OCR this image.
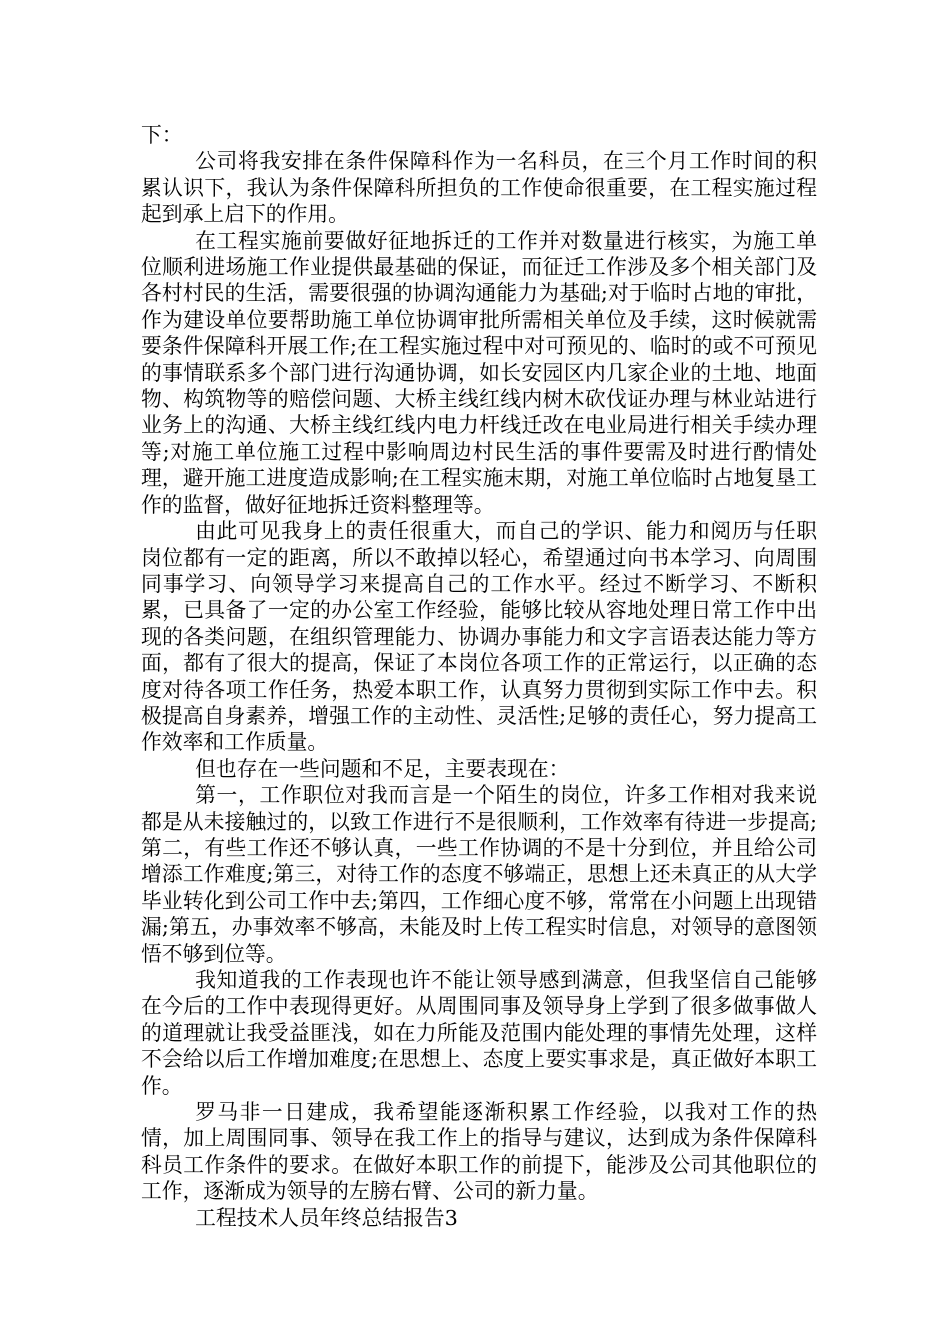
下：

公司将我安排在条件保障科作为一名科员，在三个月工作时间的积累认识下，我认为条件保障科所担负的工作使命很重要，在工程实施过程起到承上启下的作用。

在工程实施前要做好征地拆迁的工作并对数量进行核实，为施工单位顺利进场施工作业提供最基础的保证，而征迁工作涉及多个相关部门及各村村民的生活，需要很强的协调沟通能力为基础;对于临时占地的审批，作为建设单位要帮助施工单位协调审批所需相关单位及手续，这时候就需要条件保障科开展工作;在工程实施过程中对可预见的、临时的或不可预见的事情联系多个部门进行沟通协调，如长安园区内几家企业的土地、地面物、构筑物等的赔偿问题、大桥主线红线内树木砍伐证办理与林业站进行业务上的沟通、大桥主线红线内电力杆线迁改在电业局进行相关手续办理等;对施工单位施工过程中影响周边村民生活的事件要需及时进行酌情处理，避开施工进度造成影响;在工程实施末期，对施工单位临时占地复垦工作的监督，做好征地拆迁资料整理等。

由此可见我身上的责任很重大，而自己的学识、能力和阅历与任职岗位都有一定的距离，所以不敢掉以轻心，希望通过向书本学习、向周围同事学习、向领导学习来提高自己的工作水平。经过不断学习、不断积累，已具备了一定的办公室工作经验，能够比较从容地处理日常工作中出现的各类问题，在组织管理能力、协调办事能力和文字言语表达能力等方面，都有了很大的提高，保证了本岗位各项工作的正常运行，以正确的态度对待各项工作任务，热爱本职工作，认真努力贯彻到实际工作中去。积极提高自身素养，增强工作的主动性、灵活性;足够的责任心，努力提高工作效率和工作质量。

但也存在一些问题和不足，主要表现在：

第一，工作职位对我而言是一个陌生的岗位，许多工作相对我来说都是从未接触过的，以致工作进行不是很顺利，工作效率有待进一步提高;第二，有些工作还不够认真，一些工作协调的不是十分到位，并且给公司增添工作难度;第三，对待工作的态度不够端正，思想上还未真正的从大学毕业转化到公司工作中去;第四，工作细心度不够，常常在小问题上出现错漏;第五，办事效率不够高，未能及时上传工程实时信息，对领导的意图领悟不够到位等。

我知道我的工作表现也许不能让领导感到满意，但我坚信自己能够在今后的工作中表现得更好。从周围同事及领导身上学到了很多做事做人的道理就让我受益匪浅，如在力所能及范围内能处理的事情先处理，这样不会给以后工作增加难度;在思想上、态度上要实事求是，真正做好本职工作。

罗马非一日建成，我希望能逐渐积累工作经验，以我对工作的热情，加上周围同事、领导在我工作上的指导与建议，达到成为条件保障科科员工作条件的要求。在做好本职工作的前提下，能涉及公司其他职位的工作，逐渐成为领导的左膀右臂、公司的新力量。

工程技术人员年终总结报告3
